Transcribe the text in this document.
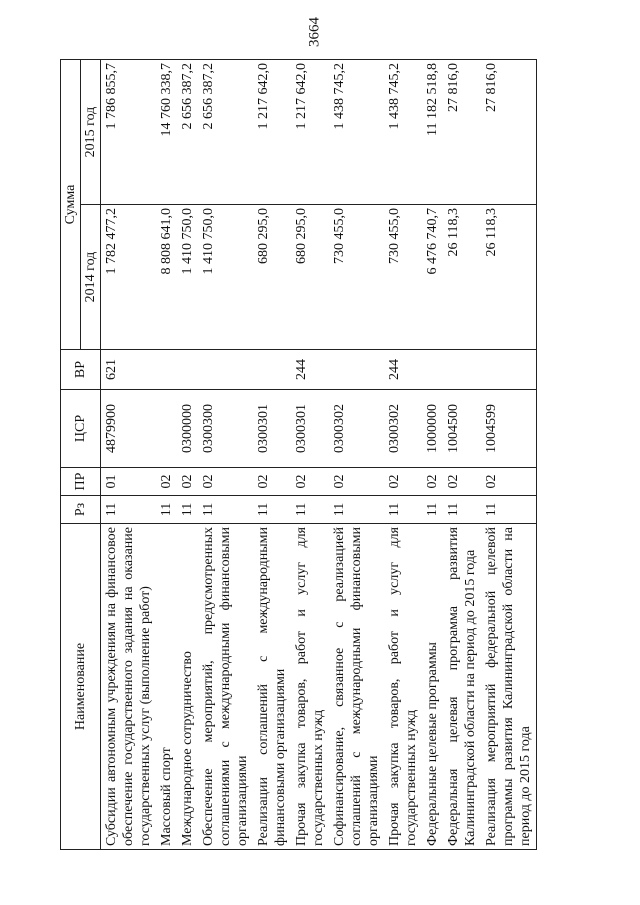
3664
Наименование	Рз	ПР	ЦСР	ВР	Сумма	
					2014 год	2015 год
Субсидии автономным учреждениям на финансовое обеспечение государственного задания на оказание государственных услуг (выполнение работ)	11	01	4879900	621	1 782 477,2	1 786 855,7
Массовый спорт	11	02			8 808 641,0	14 760 338,7
Международное сотрудничество	11	02	0300000		1 410 750,0	2 656 387,2
Обеспечение мероприятий, предусмотренных соглашениями с международными финансовыми организациями	11	02	0300300		1 410 750,0	2 656 387,2
Реализации соглашений с международными финансовыми организациями	11	02	0300301		680 295,0	1 217 642,0
Прочая закупка товаров, работ и услуг для государственных нужд	11	02	0300301	244	680 295,0	1 217 642,0
Софинансирование, связанное с реализацией соглашений с международными финансовыми организациями	11	02	0300302		730 455,0	1 438 745,2
Прочая закупка товаров, работ и услуг для государственных нужд	11	02	0300302	244	730 455,0	1 438 745,2
Федеральные целевые программы	11	02	1000000		6 476 740,7	11 182 518,8
Федеральная целевая программа развития Калининградской области на период до 2015 года	11	02	1004500		26 118,3	27 816,0
Реализация мероприятий федеральной целевой программы развития Калининградской области на период до 2015 года	11	02	1004599		26 118,3	27 816,0
